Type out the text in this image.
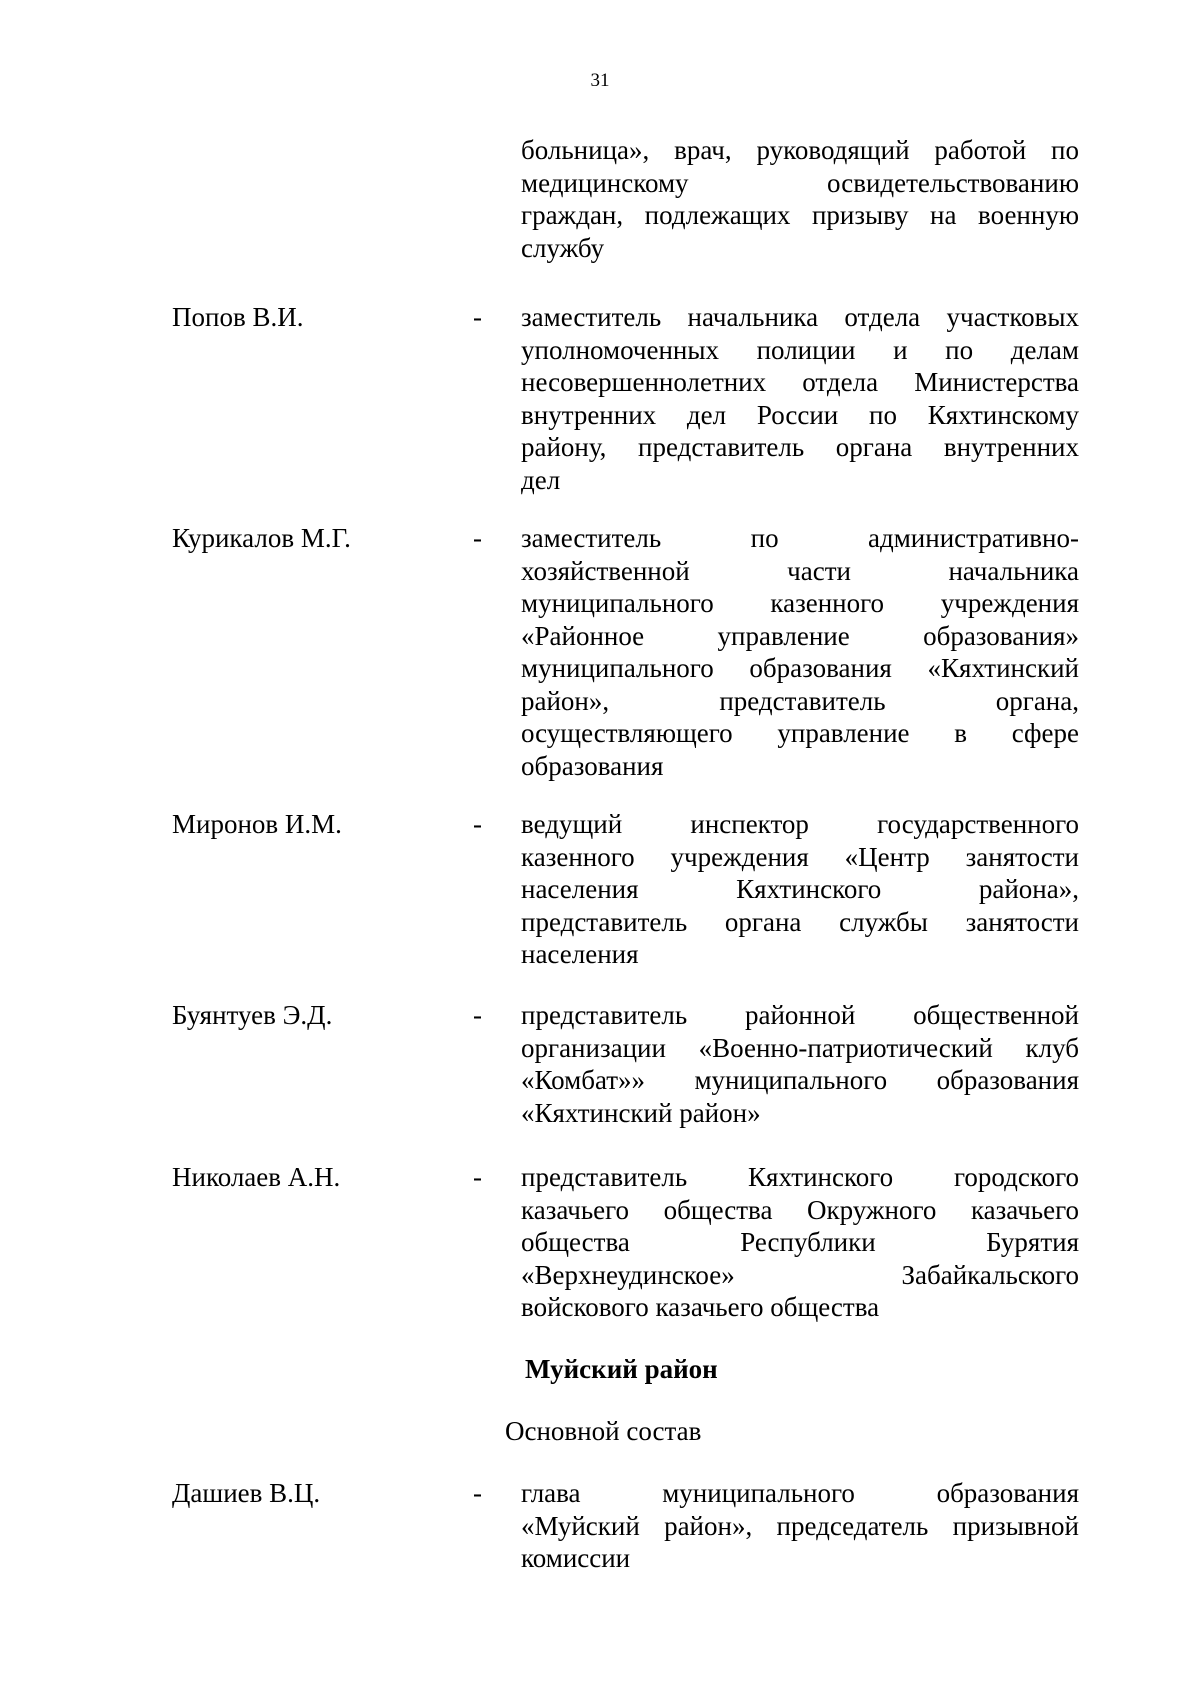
31
больница», врач, руководящий работой по
медицинскому освидетельствованию
граждан, подлежащих призыву на военную
службу
Попов В.И.	- заместитель начальника отдела участковых
уполномоченных полиции и по делам
несовершеннолетних отдела Министерства
внутренних дел России по Кяхтинскому
району, представитель органа внутренних
дел
Курикалов М.Г.	- заместитель по административно-
хозяйственной части начальника
муниципального казенного учреждения
«Районное управление образования»
муниципального образования «Кяхтинский
район», представитель органа,
осуществляющего управление в сфере
образования
Миронов И.М.	- ведущий инспектор государственного
казенного учреждения «Центр занятости
населения Кяхтинского района»,
представитель органа службы занятости
населения
Буянтуев Э.Д.	- представитель районной общественной
организации «Военно-патриотический клуб
«Комбат»» муниципального образования
«Кяхтинский район»
Николаев А.Н.	- представитель Кяхтинского городского
казачьего общества Окружного казачьего
общества Республики Бурятия
«Верхнеудинское» Забайкальского
войскового казачьего общества
Муйский район
Основной состав
Дашиев В.Ц.	- глава муниципального образования
«Муйский район», председатель призывной
комиссии
